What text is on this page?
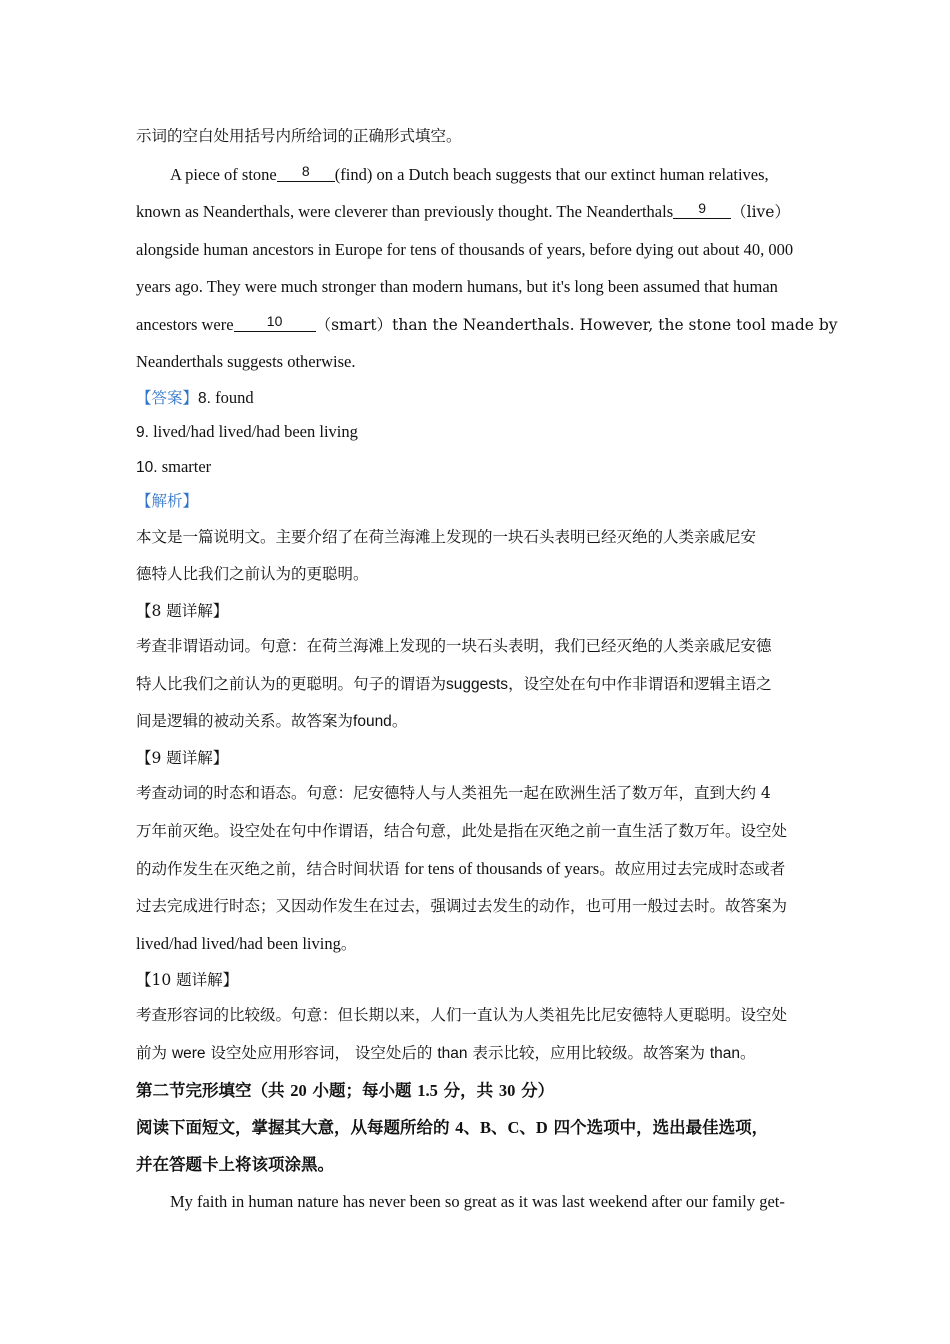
示词的空白处用括号内所给词的正确形式填空。
A piece of stone 8 (find) on a Dutch beach suggests that our extinct human relatives,
known as Neanderthals, were cleverer than previously thought. The Neanderthals 9 （live）
alongside human ancestors in Europe for tens of thousands of years, before dying out about 40, 000
years ago. They were much stronger than modern humans, but it's long been assumed that human
ancestors were 10 （smart）than the Neanderthals. However, the stone tool made by
Neanderthals suggests otherwise.
【答案】8. found
9. lived/had lived/had been living
10. smarter
【解析】
本文是一篇说明文。主要介绍了在荷兰海滩上发现的一块石头表明已经灭绝的人类亲戚尼安
德特人比我们之前认为的更聪明。
【8 题详解】
考查非谓语动词。句意：在荷兰海滩上发现的一块石头表明，我们已经灭绝的人类亲戚尼安德
特人比我们之前认为的更聪明。句子的谓语为suggests，设空处在句中作非谓语和逻辑主语之
间是逻辑的被动关系。故答案为found。
【9 题详解】
考查动词的时态和语态。句意：尼安德特人与人类祖先一起在欧洲生活了数万年，直到大约 4
万年前灭绝。设空处在句中作谓语，结合句意，此处是指在灭绝之前一直生活了数万年。设空处
的动作发生在灭绝之前，结合时间状语 for tens of thousands of years。故应用过去完成时态或者
过去完成进行时态；又因动作发生在过去，强调过去发生的动作，也可用一般过去时。故答案为
lived/had lived/had been living。
【10 题详解】
考查形容词的比较级。句意：但长期以来，人们一直认为人类祖先比尼安德特人更聪明。设空处
前为 were 设空处应用形容词， 设空处后的 than 表示比较，应用比较级。故答案为 than。
第二节完形填空（共 20 小题；每小题 1.5 分，共 30 分）
阅读下面短文，掌握其大意，从每题所给的 4、B、C、D 四个选项中，选出最佳选项，
并在答题卡上将该项涂黑。
My faith in human nature has never been so great as it was last weekend after our family get-
